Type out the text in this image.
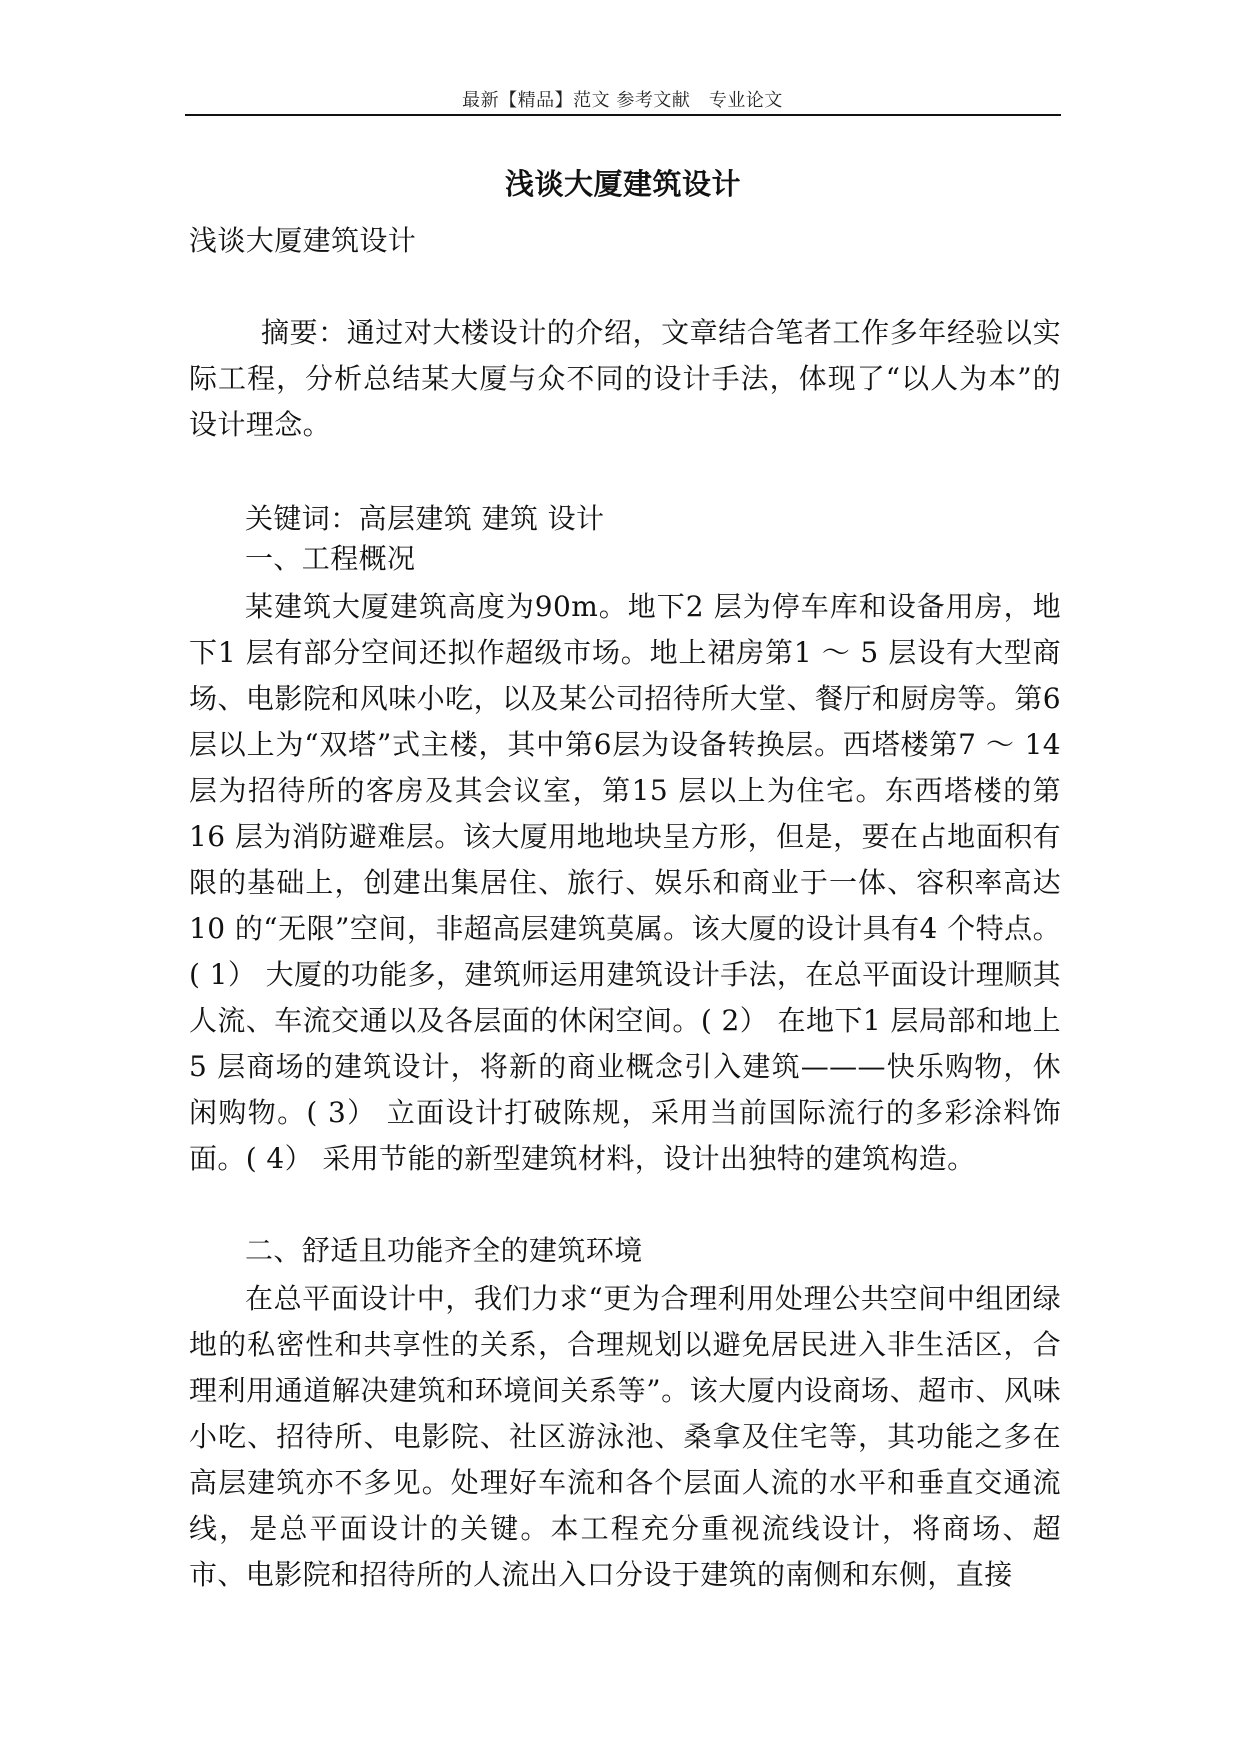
最新【精品】范文 参考文献　专业论文
浅谈大厦建筑设计

浅谈大厦建筑设计

摘要：通过对大楼设计的介绍，文章结合笔者工作多年经验以实际工程，分析总结某大厦与众不同的设计手法，体现了“以人为本”的设计理念。

关键词：高层建筑 建筑 设计

一、工程概况

某建筑大厦建筑高度为90m。地下2 层为停车库和设备用房，地下1 层有部分空间还拟作超级市场。地上裙房第1 ～ 5 层设有大型商场、电影院和风味小吃，以及某公司招待所大堂、餐厅和厨房等。第6层以上为“双塔”式主楼，其中第6层为设备转换层。西塔楼第7 ～ 14 层为招待所的客房及其会议室，第15 层以上为住宅。东西塔楼的第16 层为消防避难层。该大厦用地地块呈方形，但是，要在占地面积有限的基础上，创建出集居住、旅行、娱乐和商业于一体、容积率高达10 的“无限”空间，非超高层建筑莫属。该大厦的设计具有4 个特点。( 1） 大厦的功能多，建筑师运用建筑设计手法，在总平面设计理顺其人流、车流交通以及各层面的休闲空间。( 2） 在地下1 层局部和地上5 层商场的建筑设计，将新的商业概念引入建筑———快乐购物，休闲购物。( 3） 立面设计打破陈规，采用当前国际流行的多彩涂料饰面。( 4） 采用节能的新型建筑材料，设计出独特的建筑构造。

二、舒适且功能齐全的建筑环境

在总平面设计中，我们力求“更为合理利用处理公共空间中组团绿地的私密性和共享性的关系，合理规划以避免居民进入非生活区，合理利用通道解决建筑和环境间关系等”。该大厦内设商场、超市、风味小吃、招待所、电影院、社区游泳池、桑拿及住宅等，其功能之多在高层建筑亦不多见。处理好车流和各个层面人流的水平和垂直交通流线，是总平面设计的关键。本工程充分重视流线设计，将商场、超市、电影院和招待所的人流出入口分设于建筑的南侧和东侧，直接
